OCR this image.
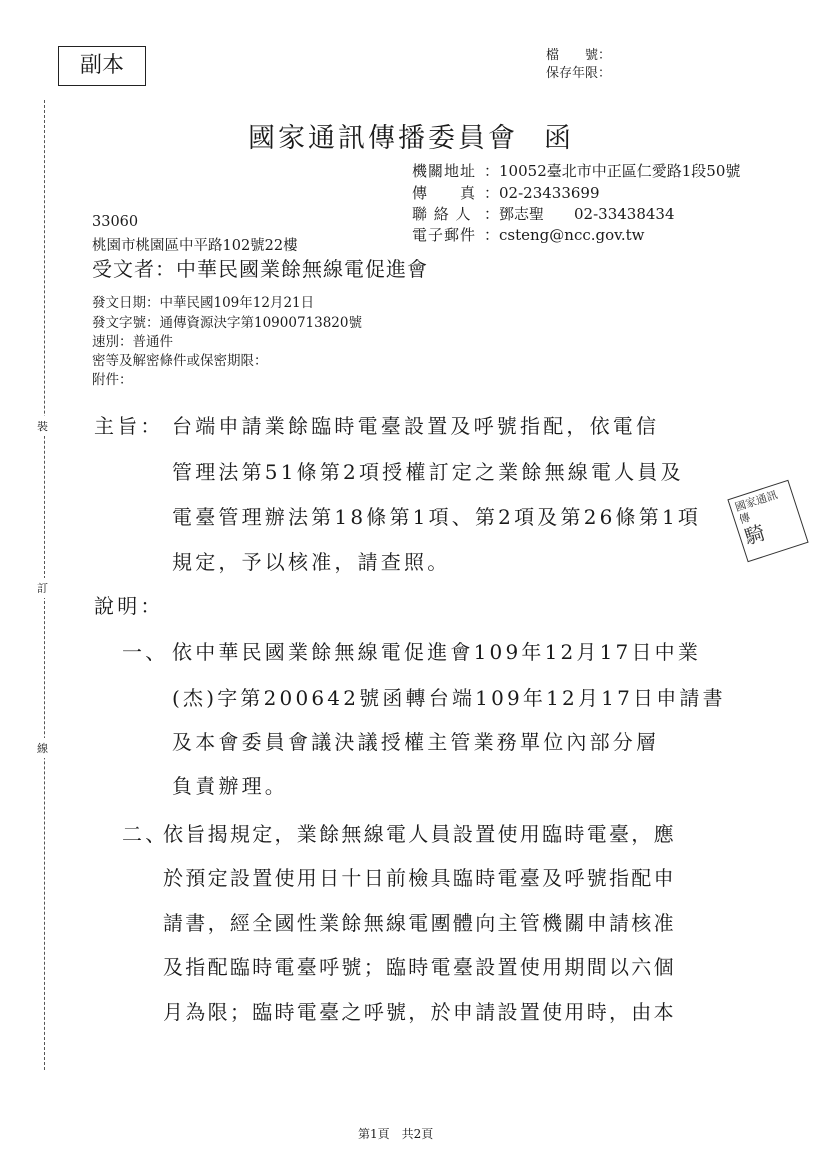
裝
訂
線
副本	檔　　號：
保存年限：
國家通訊傳播委員會 函
機關地址 ：10052臺北市中正區仁愛路1段50號
傳　　真 ：02-23433699
聯 絡 人 ：鄧志聖　　02-33438434
電子郵件 ：csteng@ncc.gov.tw
33060
桃園市桃園區中平路102號22樓
受文者：中華民國業餘無線電促進會
發文日期：中華民國109年12月21日
發文字號：通傳資源決字第10900713820號
速別：普通件
密等及解密條件或保密期限：
附件：
主旨： 台端申請業餘臨時電臺設置及呼號指配，依電信
管理法第51條第2項授權訂定之業餘無線電人員及
電臺管理辦法第18條第1項、第2項及第26條第1項
規定，予以核准，請查照。
說明：
一、 依中華民國業餘無線電促進會109年12月17日中業
(杰)字第200642號函轉台端109年12月17日申請書
及本會委員會議決議授權主管業務單位內部分層
負責辦理。
二、
依旨揭規定，業餘無線電人員設置使用臨時電臺，應
於預定設置使用日十日前檢具臨時電臺及呼號指配申
請書，經全國性業餘無線電團體向主管機關申請核准
及指配臨時電臺呼號；臨時電臺設置使用期間以六個
月為限；臨時電臺之呼號，於申請設置使用時，由本
國家通訊傳
騎
第1頁　共2頁
